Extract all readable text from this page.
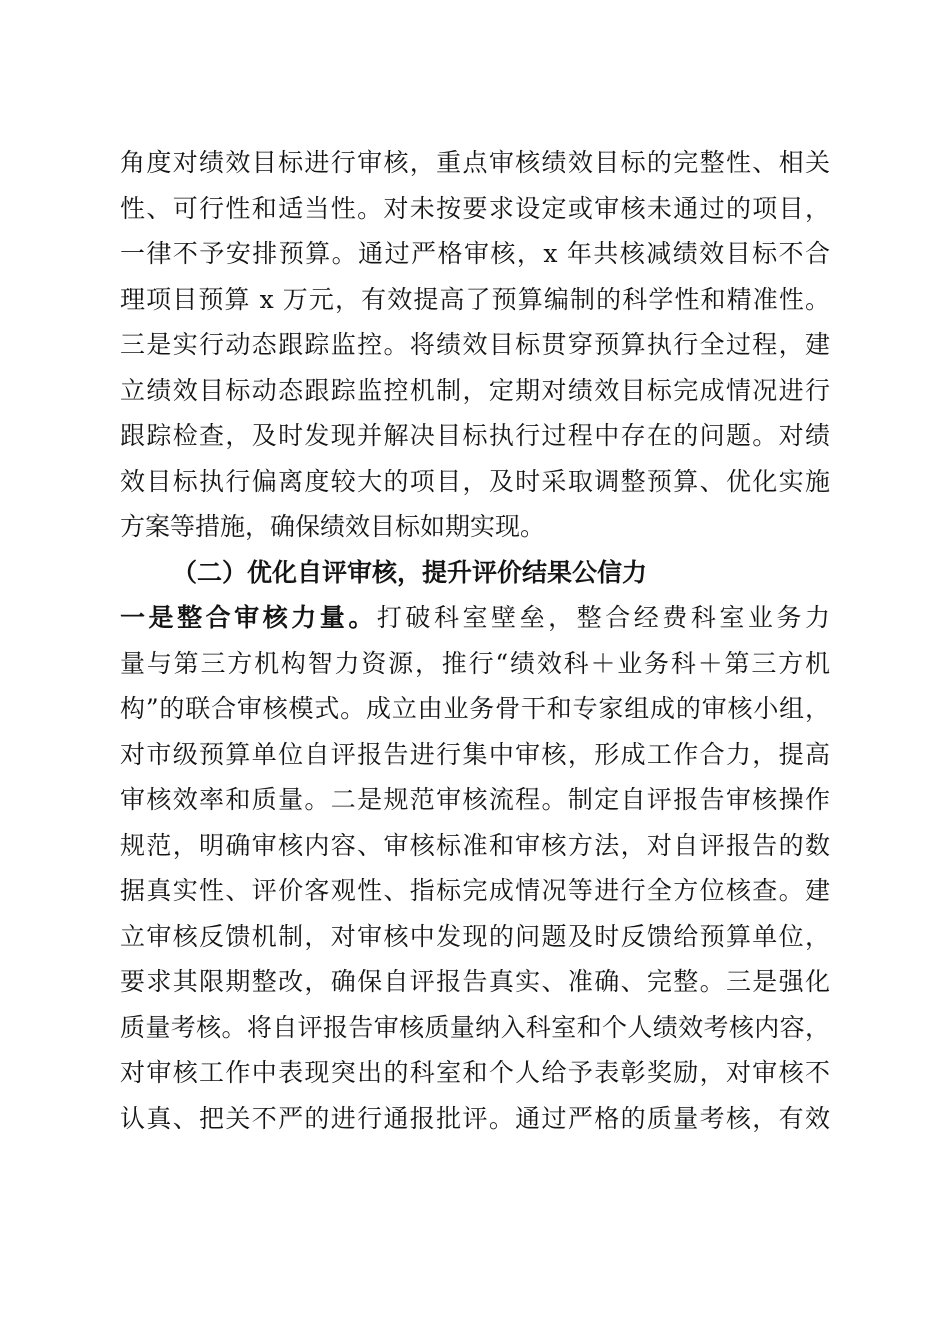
角度对绩效目标进行审核，重点审核绩效目标的完整性、相关
性、可行性和适当性。对未按要求设定或审核未通过的项目，
一律不予安排预算。通过严格审核，x 年共核减绩效目标不合
理项目预算 x 万元，有效提高了预算编制的科学性和精准性。
三是实行动态跟踪监控。将绩效目标贯穿预算执行全过程，建
立绩效目标动态跟踪监控机制，定期对绩效目标完成情况进行
跟踪检查，及时发现并解决目标执行过程中存在的问题。对绩
效目标执行偏离度较大的项目，及时采取调整预算、优化实施
方案等措施，确保绩效目标如期实现。
（二）优化自评审核，提升评价结果公信力
一是整合审核力量。打破科室壁垒，整合经费科室业务力
量与第三方机构智力资源，推行“绩效科＋业务科＋第三方机
构”的联合审核模式。成立由业务骨干和专家组成的审核小组，
对市级预算单位自评报告进行集中审核，形成工作合力，提高
审核效率和质量。二是规范审核流程。制定自评报告审核操作
规范，明确审核内容、审核标准和审核方法，对自评报告的数
据真实性、评价客观性、指标完成情况等进行全方位核查。建
立审核反馈机制，对审核中发现的问题及时反馈给预算单位，
要求其限期整改，确保自评报告真实、准确、完整。三是强化
质量考核。将自评报告审核质量纳入科室和个人绩效考核内容，
对审核工作中表现突出的科室和个人给予表彰奖励，对审核不
认真、把关不严的进行通报批评。通过严格的质量考核，有效
